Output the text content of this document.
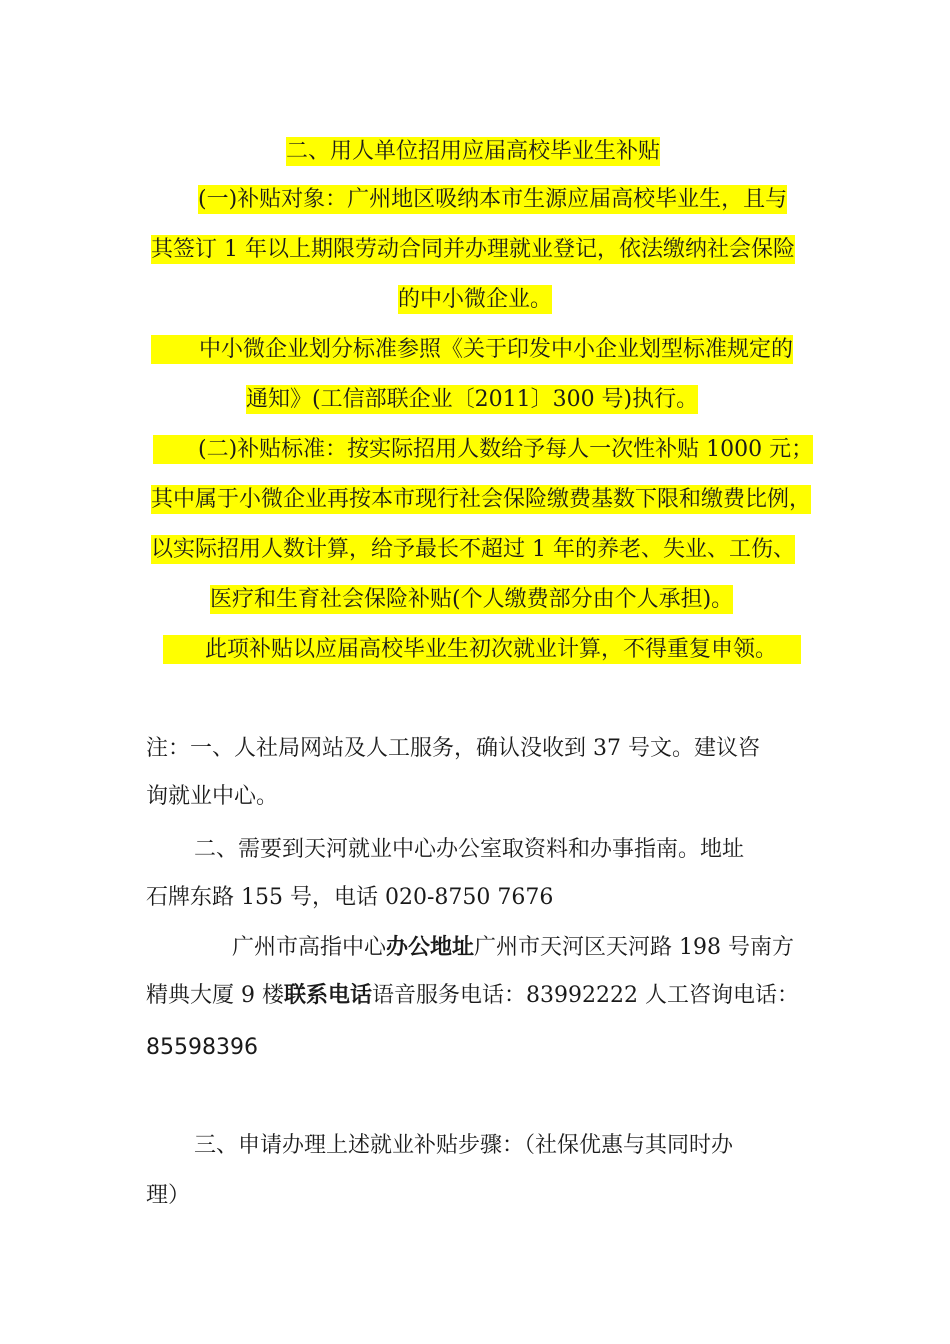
二、用人单位招用应届高校毕业生补贴
(一)补贴对象：广州地区吸纳本市生源应届高校毕业生，且与
其签订 1 年以上期限劳动合同并办理就业登记，依法缴纳社会保险
的中小微企业。
中小微企业划分标准参照《关于印发中小企业划型标准规定的
通知》(工信部联企业〔2011〕300 号)执行。
(二)补贴标准：按实际招用人数给予每人一次性补贴 1000 元；
其中属于小微企业再按本市现行社会保险缴费基数下限和缴费比例，
以实际招用人数计算，给予最长不超过 1 年的养老、失业、工伤、
医疗和生育社会保险补贴(个人缴费部分由个人承担)。
此项补贴以应届高校毕业生初次就业计算，不得重复申领。
注：一、人社局网站及人工服务，确认没收到 37 号文。建议咨
询就业中心。
二、需要到天河就业中心办公室取资料和办事指南。地址
石牌东路 155 号，电话 020-8750 7676
广州市高指中心办公地址广州市天河区天河路 198 号南方
精典大厦 9 楼联系电话语音服务电话：83992222 人工咨询电话：
85598396
三、申请办理上述就业补贴步骤：（社保优惠与其同时办
理）
